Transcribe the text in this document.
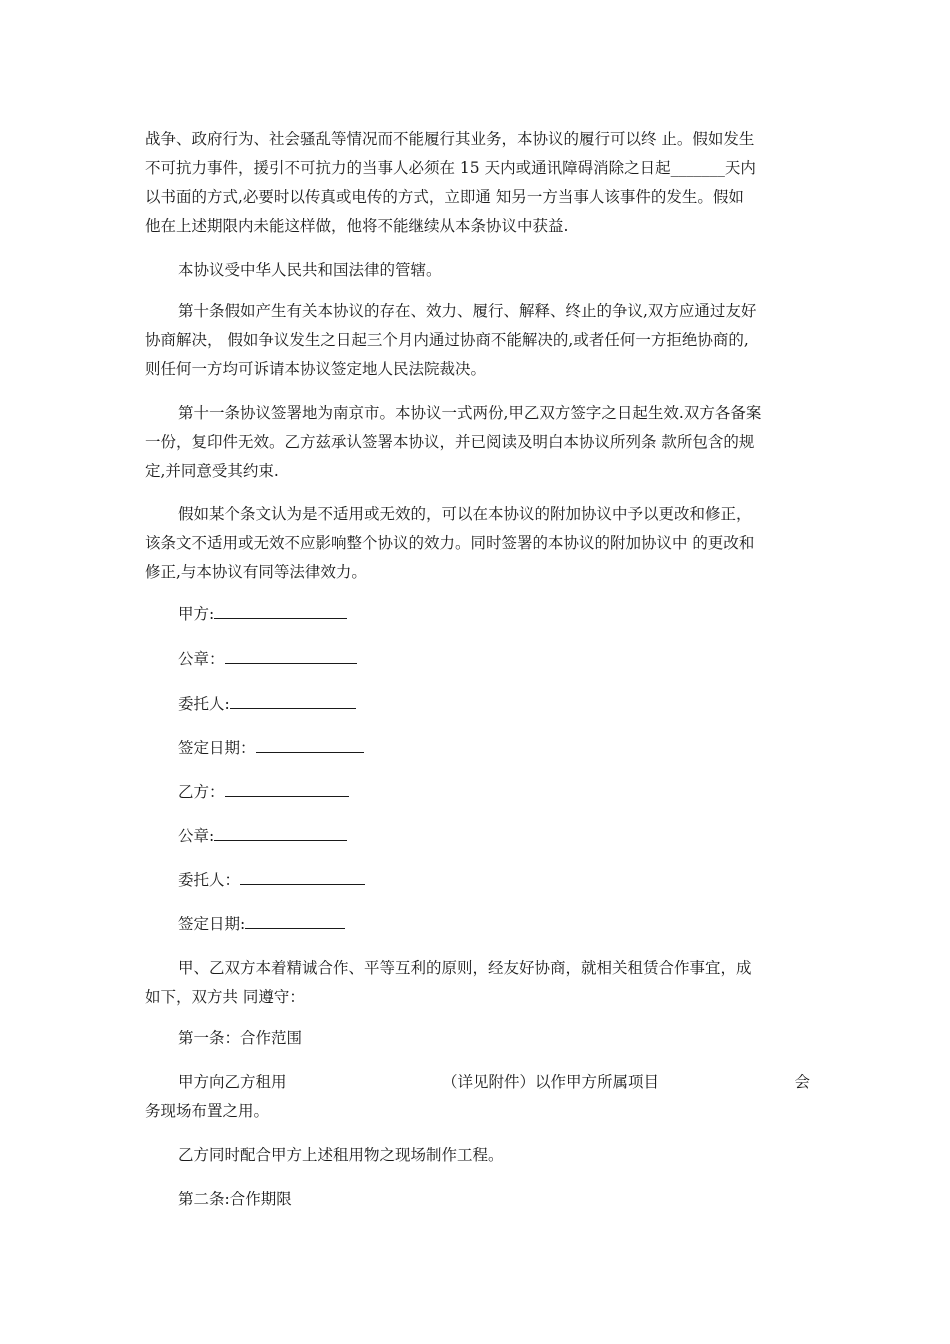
战争、政府行为、社会骚乱等情况而不能履行其业务，本协议的履行可以终 止。假如发生
不可抗力事件，援引不可抗力的当事人必须在 15 天内或通讯障碍消除之日起_______天内
以书面的方式,必要时以传真或电传的方式，立即通 知另一方当事人该事件的发生。假如
他在上述期限内未能这样做，他将不能继续从本条协议中获益.
本协议受中华人民共和国法律的管辖。
第十条假如产生有关本协议的存在、效力、履行、解释、终止的争议,双方应通过友好
协商解决， 假如争议发生之日起三个月内通过协商不能解决的,或者任何一方拒绝协商的,
则任何一方均可诉请本协议签定地人民法院裁决。
第十一条协议签署地为南京市。本协议一式两份,甲乙双方签字之日起生效.双方各备案
一份，复印件无效。乙方兹承认签署本协议，并已阅读及明白本协议所列条 款所包含的规
定,并同意受其约束.
假如某个条文认为是不适用或无效的，可以在本协议的附加协议中予以更改和修正，
该条文不适用或无效不应影响整个协议的效力。同时签署的本协议的附加协议中 的更改和
修正,与本协议有同等法律效力。
甲方:
公章：
委托人:
签定日期：
乙方：
公章:
委托人：
签定日期:
甲、乙双方本着精诚合作、平等互利的原则，经友好协商，就相关租赁合作事宜，成
如下，双方共 同遵守：
第一条：合作范围
甲方向乙方租用	（详见附件）以作甲方所属项目	会
务现场布置之用。
乙方同时配合甲方上述租用物之现场制作工程。
第二条:合作期限
